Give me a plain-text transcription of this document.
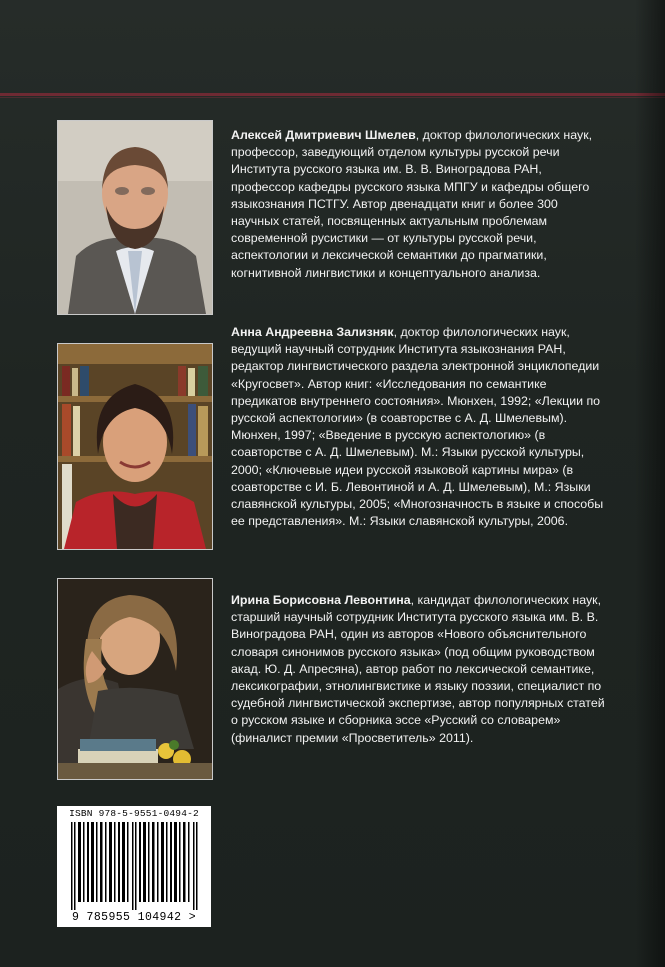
Алексей Дмитриевич Шмелев, доктор филологических наук, профессор, заведующий отделом культуры русской речи Института русского языка им. В. В. Виноградова РАН, профессор кафедры русского языка МПГУ и кафедры общего языкознания ПСТГУ. Автор двенадцати книг и более 300 научных статей, посвященных актуальным проблемам современной русистики — от культуры русской речи, аспектологии и лексической семантики до прагматики, когнитивной лингвистики и концептуального анализа.
Анна Андреевна Зализняк, доктор филологических наук, ведущий научный сотрудник Института языкознания РАН, редактор лингвистического раздела электронной энциклопедии «Кругосвет». Автор книг: «Исследования по семантике предикатов внутреннего состояния». Мюнхен, 1992; «Лекции по русской аспектологии» (в соавторстве с А. Д. Шмелевым). Мюнхен, 1997; «Введение в русскую аспектологию» (в соавторстве с А. Д. Шмелевым). М.: Языки русской культуры, 2000; «Ключевые идеи русской языковой картины мира» (в соавторстве с И. Б. Левонтиной и А. Д. Шмелевым), М.: Языки славянской культуры, 2005; «Многозначность в языке и способы ее представления». М.: Языки славянской культуры, 2006.
Ирина Борисовна Левонтина, кандидат филологических наук, старший научный сотрудник Института русского языка им. В. В. Виноградова РАН, один из авторов «Нового объяснительного словаря синонимов русского языка» (под общим руководством акад. Ю. Д. Апресяна), автор работ по лексической семантике, лексикографии, этнолингвистике и языку поэзии, специалист по судебной лингвистической экспертизе, автор популярных статей о русском языке и сборника эссе «Русский со словарем» (финалист премии «Просветитель» 2011).
ISBN 978-5-9551-0494-2
9 785955 104942 >
